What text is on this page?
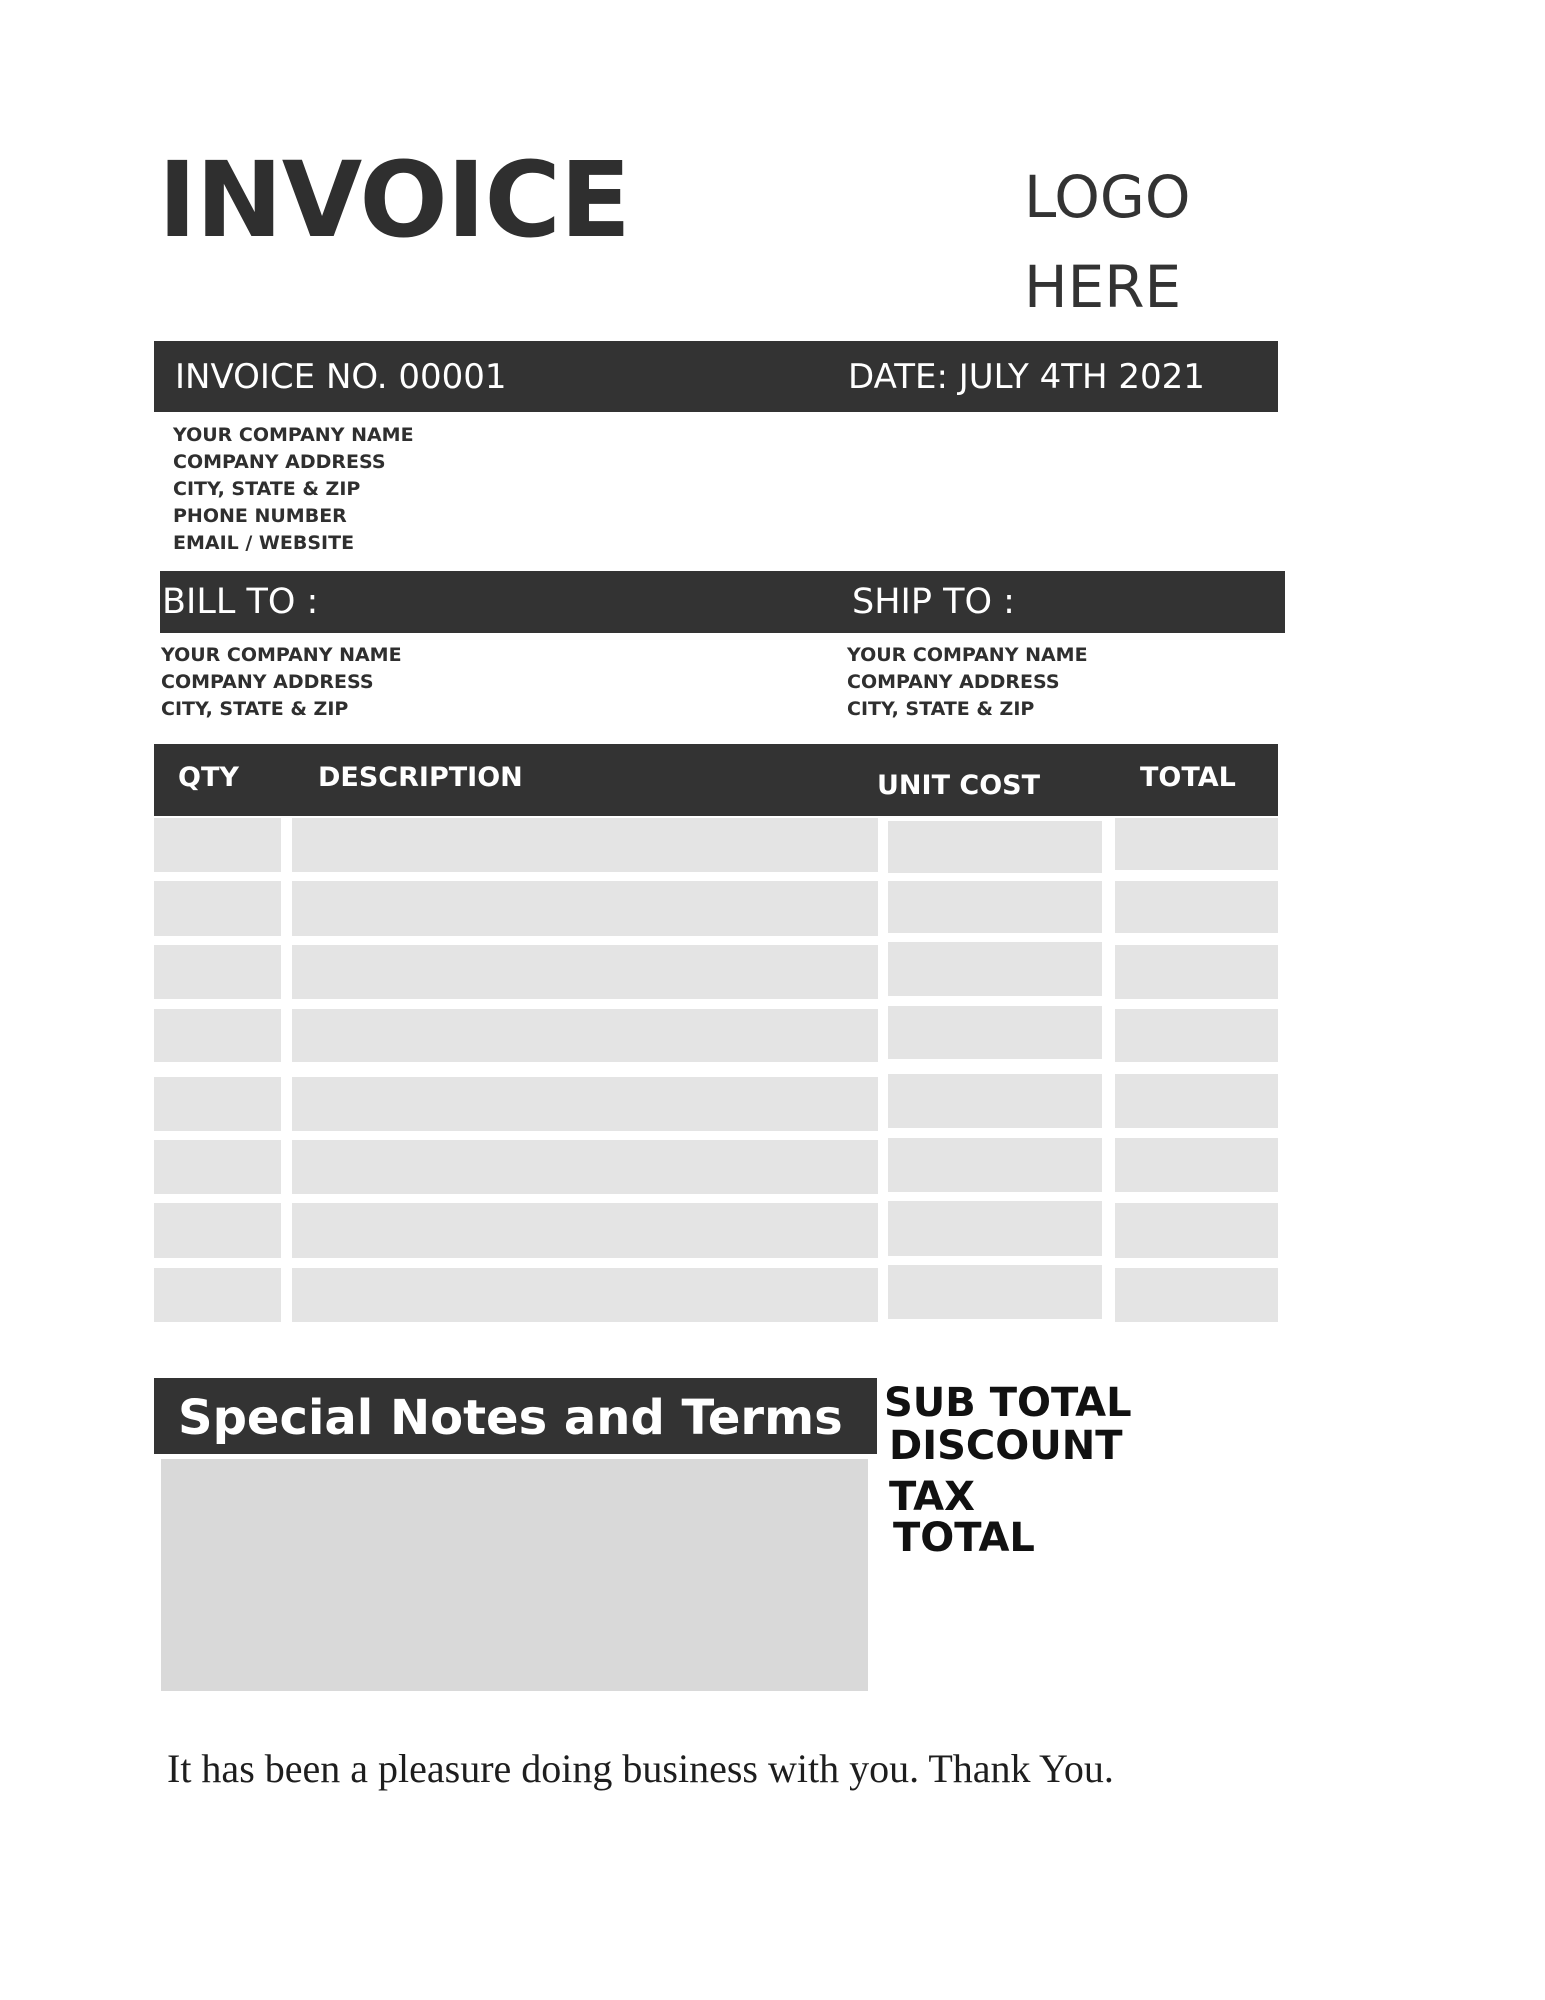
INVOICE	LOGO
HERE
INVOICE NO. 00001	DATE: JULY 4TH 2021
YOUR COMPANY NAME
COMPANY ADDRESS
CITY, STATE & ZIP
PHONE NUMBER
EMAIL / WEBSITE
BILL TO :	SHIP TO :
YOUR COMPANY NAME
COMPANY ADDRESS
CITY, STATE & ZIP
YOUR COMPANY NAME
COMPANY ADDRESS
CITY, STATE & ZIP
QTY	DESCRIPTION	UNIT COST	TOTAL
Special Notes and Terms SUB TOTAL
DISCOUNT
TAX
TOTAL
It has been a pleasure doing business with you. Thank You.
